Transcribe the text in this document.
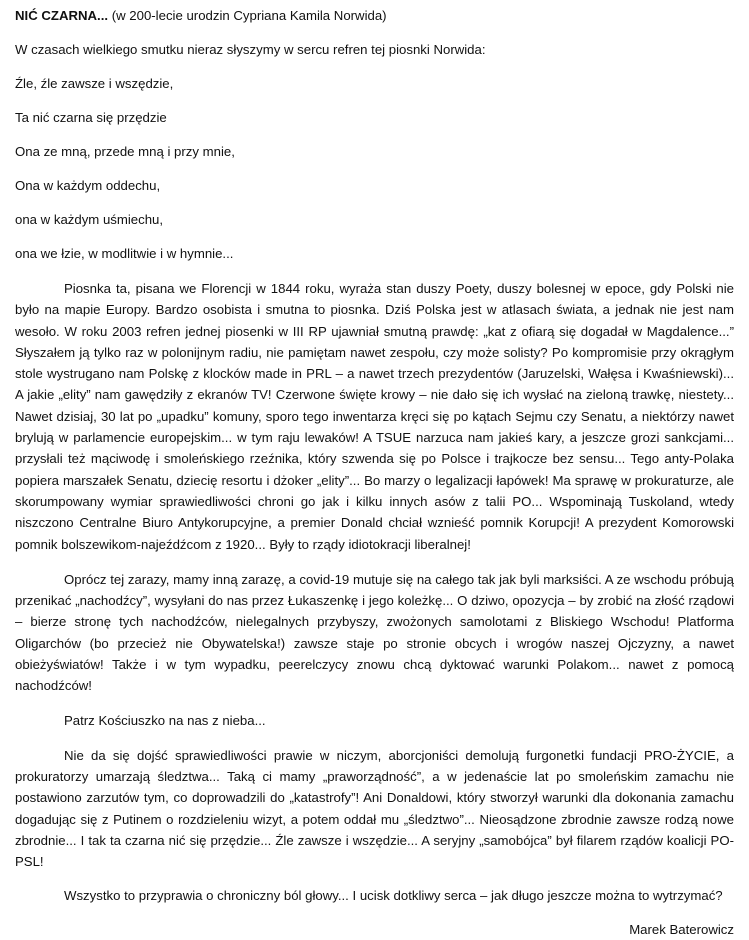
NIĆ CZARNA... (w 200-lecie urodzin Cypriana Kamila Norwida)

W czasach wielkiego smutku nieraz słyszymy w sercu refren tej piosnki Norwida:

Źle, źle zawsze i wszędzie,

Ta nić czarna się przędzie

Ona ze mną, przede mną i przy mnie,

Ona w każdym oddechu,

ona w każdym uśmiechu,

ona we łzie, w modlitwie i w hymnie...

Piosnka ta, pisana we Florencji w 1844 roku, wyraża stan duszy Poety, duszy bolesnej w epoce, gdy Polski nie było na mapie Europy. Bardzo osobista i smutna to piosnka. Dziś Polska jest w atlasach świata, a jednak nie jest nam wesoło. W roku 2003 refren jednej piosenki w III RP ujawniał smutną prawdę: „kat z ofiarą się dogadał w Magdalence...” Słyszałem ją tylko raz w polonijnym radiu, nie pamiętam nawet zespołu, czy może solisty? Po kompromisie przy okrągłym stole wystrugano nam Polskę z klocków made in PRL – a nawet trzech prezydentów (Jaruzelski, Wałęsa i Kwaśniewski)... A jakie „elity” nam gawędziły z ekranów TV! Czerwone święte krowy – nie dało się ich wysłać na zieloną trawkę, niestety... Nawet dzisiaj, 30 lat po „upadku” komuny, sporo tego inwentarza kręci się po kątach Sejmu czy Senatu, a niektórzy nawet brylują w parlamencie europejskim... w tym raju lewaków! A TSUE narzuca nam jakieś kary, a jeszcze grozi sankcjami... przysłali też mąciwodę i smoleńskiego rzeźnika, który szwenda się po Polsce i trajkocze bez sensu... Tego anty-Polaka popiera marszałek Senatu, dziecię resortu i dżoker „elity”... Bo marzy o legalizacji łapówek! Ma sprawę w prokuraturze, ale skorumpowany wymiar sprawiedliwości chroni go jak i kilku innych asów z talii PO... Wspominają Tuskoland, wtedy niszczono Centralne Biuro Antykorupcyjne, a premier Donald chciał wznieść pomnik Korupcji! A prezydent Komorowski pomnik bolszewikom-najeźdźcom z 1920... Były to rządy idiotokracji liberalnej!

Oprócz tej zarazy, mamy inną zarazę, a covid-19 mutuje się na całego tak jak byli marksiści. A ze wschodu próbują przenikać „nachodźcy”, wysyłani do nas przez Łukaszenkę i jego koleżkę... O dziwo, opozycja – by zrobić na złość rządowi – bierze stronę tych nachodźców, nielegalnych przybyszy, zwożonych samolotami z Bliskiego Wschodu! Platforma Oligarchów (bo przecież nie Obywatelska!) zawsze staje po stronie obcych i wrogów naszej Ojczyzny, a nawet obieżyświatów! Także i w tym wypadku, peerelczycy znowu chcą dyktować warunki Polakom... nawet z pomocą nachodźców!

Patrz Kościuszko na nas z nieba...

Nie da się dojść sprawiedliwości prawie w niczym, aborcjoniści demolują furgonetki fundacji PRO-ŻYCIE, a prokuratorzy umarzają śledztwa... Taką ci mamy „praworządność”, a w jedenaście lat po smoleńskim zamachu nie postawiono zarzutów tym, co doprowadzili do „katastrofy”! Ani Donaldowi, który stworzył warunki dla dokonania zamachu dogadując się z Putinem o rozdzieleniu wizyt, a potem oddał mu „śledztwo”... Nieosądzone zbrodnie zawsze rodzą nowe zbrodnie... I tak ta czarna nić się przędzie... Źle zawsze i wszędzie... A seryjny „samobójca” był filarem rządów koalicji PO-PSL!

Wszystko to przyprawia o chroniczny ból głowy... I ucisk dotkliwy serca – jak długo jeszcze można to wytrzymać?

Marek Baterowicz
